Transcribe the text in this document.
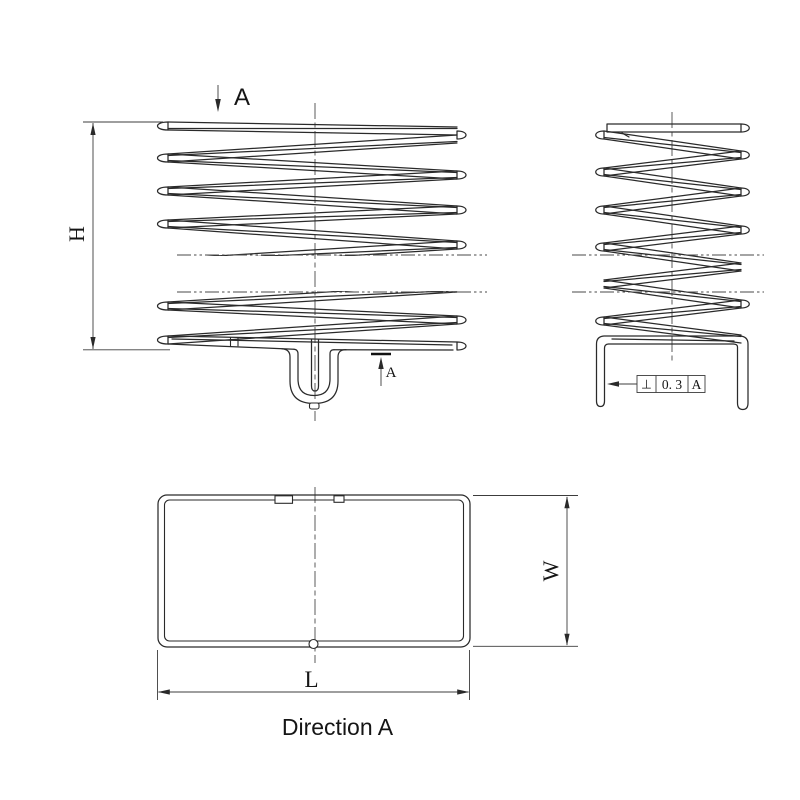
H
W
L
A
A
⊥ 0. 3 A
Direction A
